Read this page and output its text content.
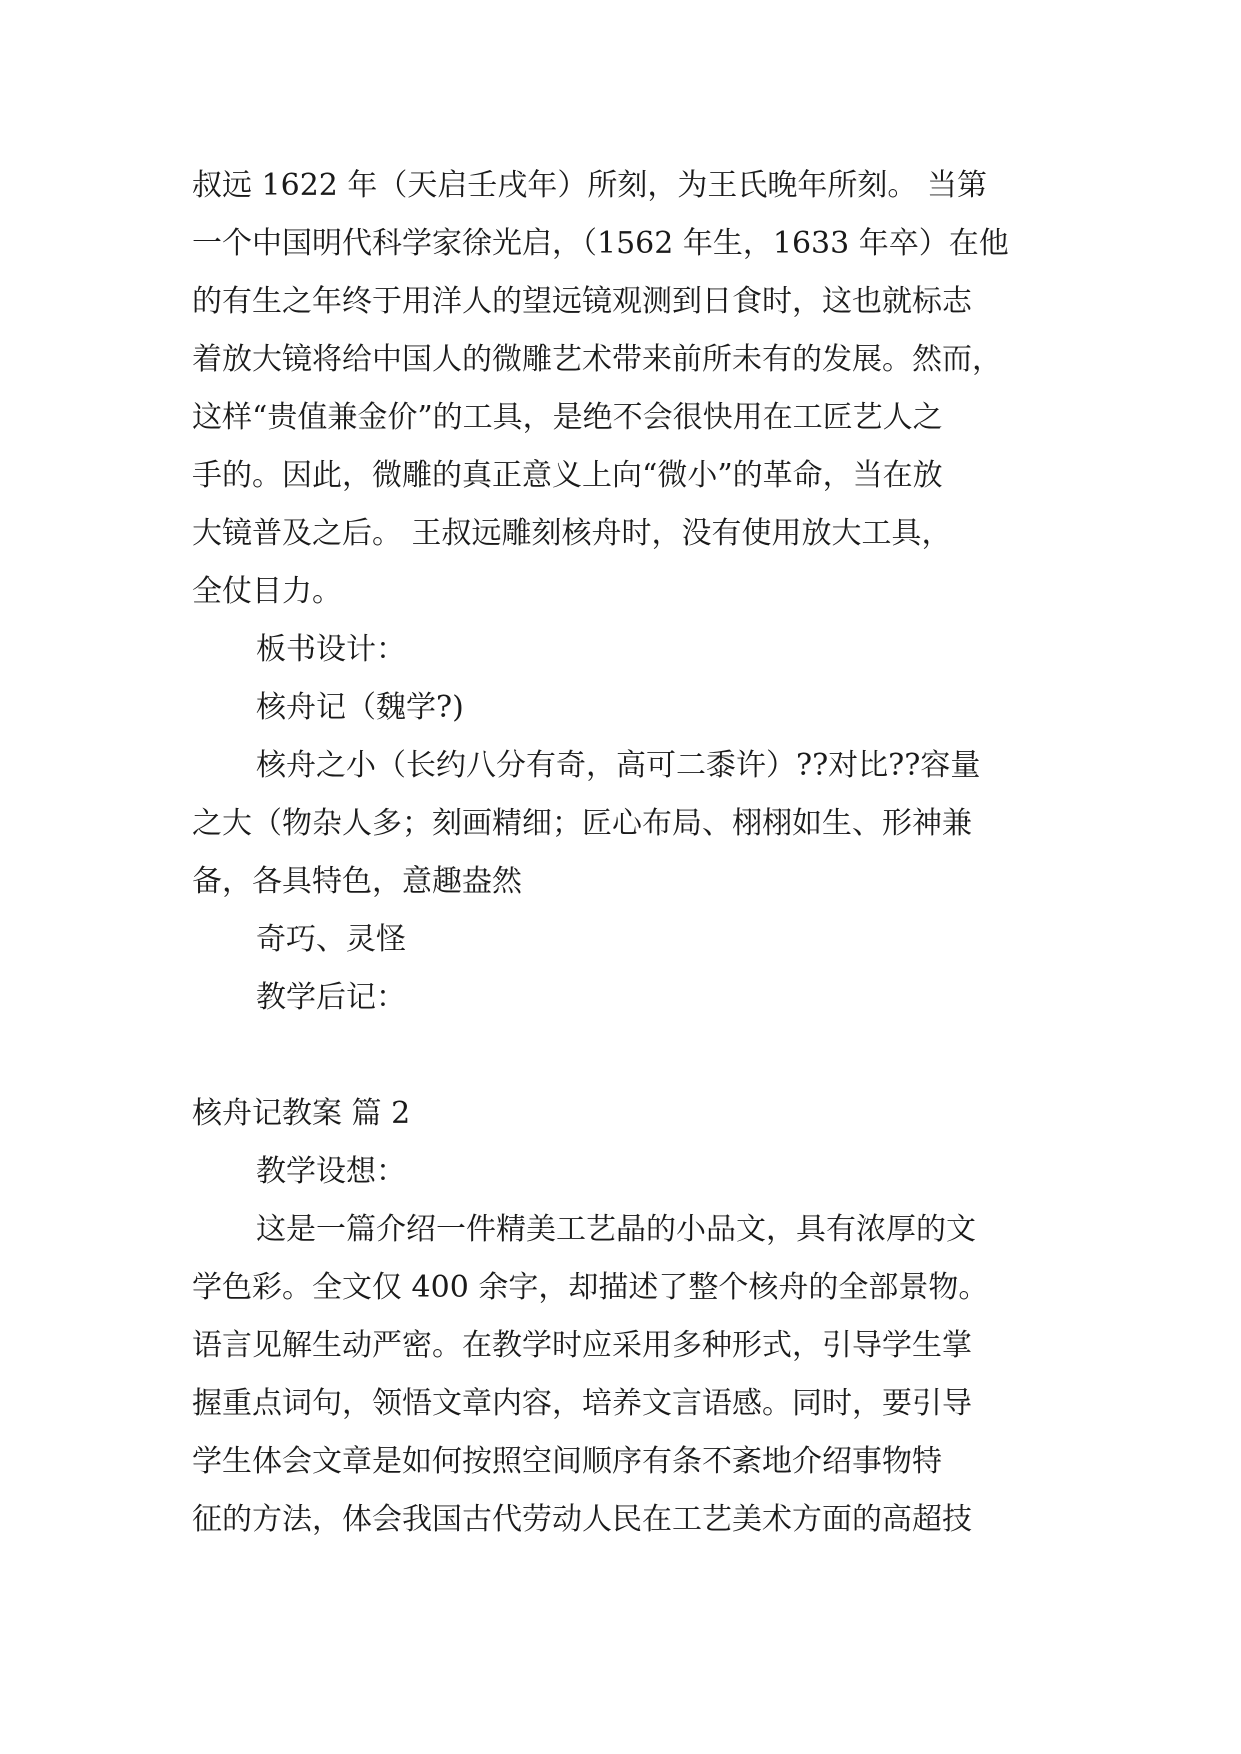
叔远 1622 年（天启壬戌年）所刻，为王氏晚年所刻。 当第
一个中国明代科学家徐光启，（1562 年生，1633 年卒）在他
的有生之年终于用洋人的望远镜观测到日食时，这也就标志
着放大镜将给中国人的微雕艺术带来前所未有的发展。然而，
这样“贵值兼金价”的工具，是绝不会很快用在工匠艺人之
手的。因此，微雕的真正意义上向“微小”的革命，当在放
大镜普及之后。 王叔远雕刻核舟时，没有使用放大工具，
全仗目力。
板书设计：
核舟记（魏学?)
核舟之小（长约八分有奇，高可二黍许）??对比??容量
之大（物杂人多；刻画精细；匠心布局、栩栩如生、形神兼
备，各具特色，意趣盎然
奇巧、灵怪
教学后记：
核舟记教案 篇 2
教学设想：
这是一篇介绍一件精美工艺晶的小品文，具有浓厚的文
学色彩。全文仅 400 余字，却描述了整个核舟的全部景物。
语言见解生动严密。在教学时应采用多种形式，引导学生掌
握重点词句，领悟文章内容，培养文言语感。同时，要引导
学生体会文章是如何按照空间顺序有条不紊地介绍事物特
征的方法，体会我国古代劳动人民在工艺美术方面的高超技
